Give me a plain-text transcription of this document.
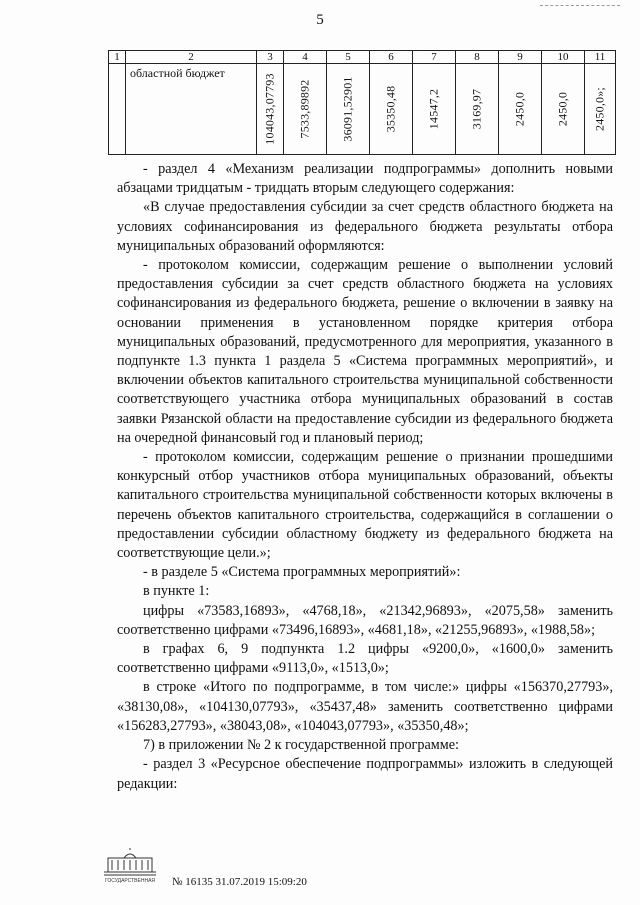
5
1	2	3	4	5	6	7	8	9	10	11
	областной бюджет	104043,07793	7533,89892	36091,52901	35350,48	14547,2	3169,97	2450,0	2450,0	2450,0»;

- раздел 4 «Механизм реализации подпрограммы» дополнить новыми абзацами тридцатым - тридцать вторым следующего содержания:

«В случае предоставления субсидии за счет средств областного бюджета на условиях софинансирования из федерального бюджета результаты отбора муниципальных образований оформляются:

- протоколом комиссии, содержащим решение о выполнении условий предоставления субсидии за счет средств областного бюджета на условиях софинансирования из федерального бюджета, решение о включении в заявку на основании применения в установленном порядке критерия отбора муниципальных образований, предусмотренного для мероприятия, указанного в подпункте 1.3 пункта 1 раздела 5 «Система программных мероприятий», и включении объектов капитального строительства муниципальной собственности соответствующего участника отбора муниципальных образований в состав заявки Рязанской области на предоставление субсидии из федерального бюджета на очередной финансовый год и плановый период;

- протоколом комиссии, содержащим решение о признании прошедшими конкурсный отбор участников отбора муниципальных образований, объекты капитального строительства муниципальной собственности которых включены в перечень объектов капитального строительства, содержащийся в соглашении о предоставлении субсидии областному бюджету из федерального бюджета на соответствующие цели.»;

- в разделе 5 «Система программных мероприятий»:

в пункте 1:

цифры «73583,16893», «4768,18», «21342,96893», «2075,58» заменить соответственно цифрами «73496,16893», «4681,18», «21255,96893», «1988,58»;

в графах 6, 9 подпункта 1.2 цифры «9200,0», «1600,0» заменить соответственно цифрами «9113,0», «1513,0»;

в строке «Итого по подпрограмме, в том числе:» цифры «156370,27793», «38130,08», «104130,07793», «35437,48» заменить соответственно цифрами «156283,27793», «38043,08», «104043,07793», «35350,48»;

7) в приложении № 2 к государственной программе:

- раздел 3 «Ресурсное обеспечение подпрограммы» изложить в следующей редакции:

ГОСУДАРСТВЕННАЯ № 16135 31.07.2019 15:09:20
